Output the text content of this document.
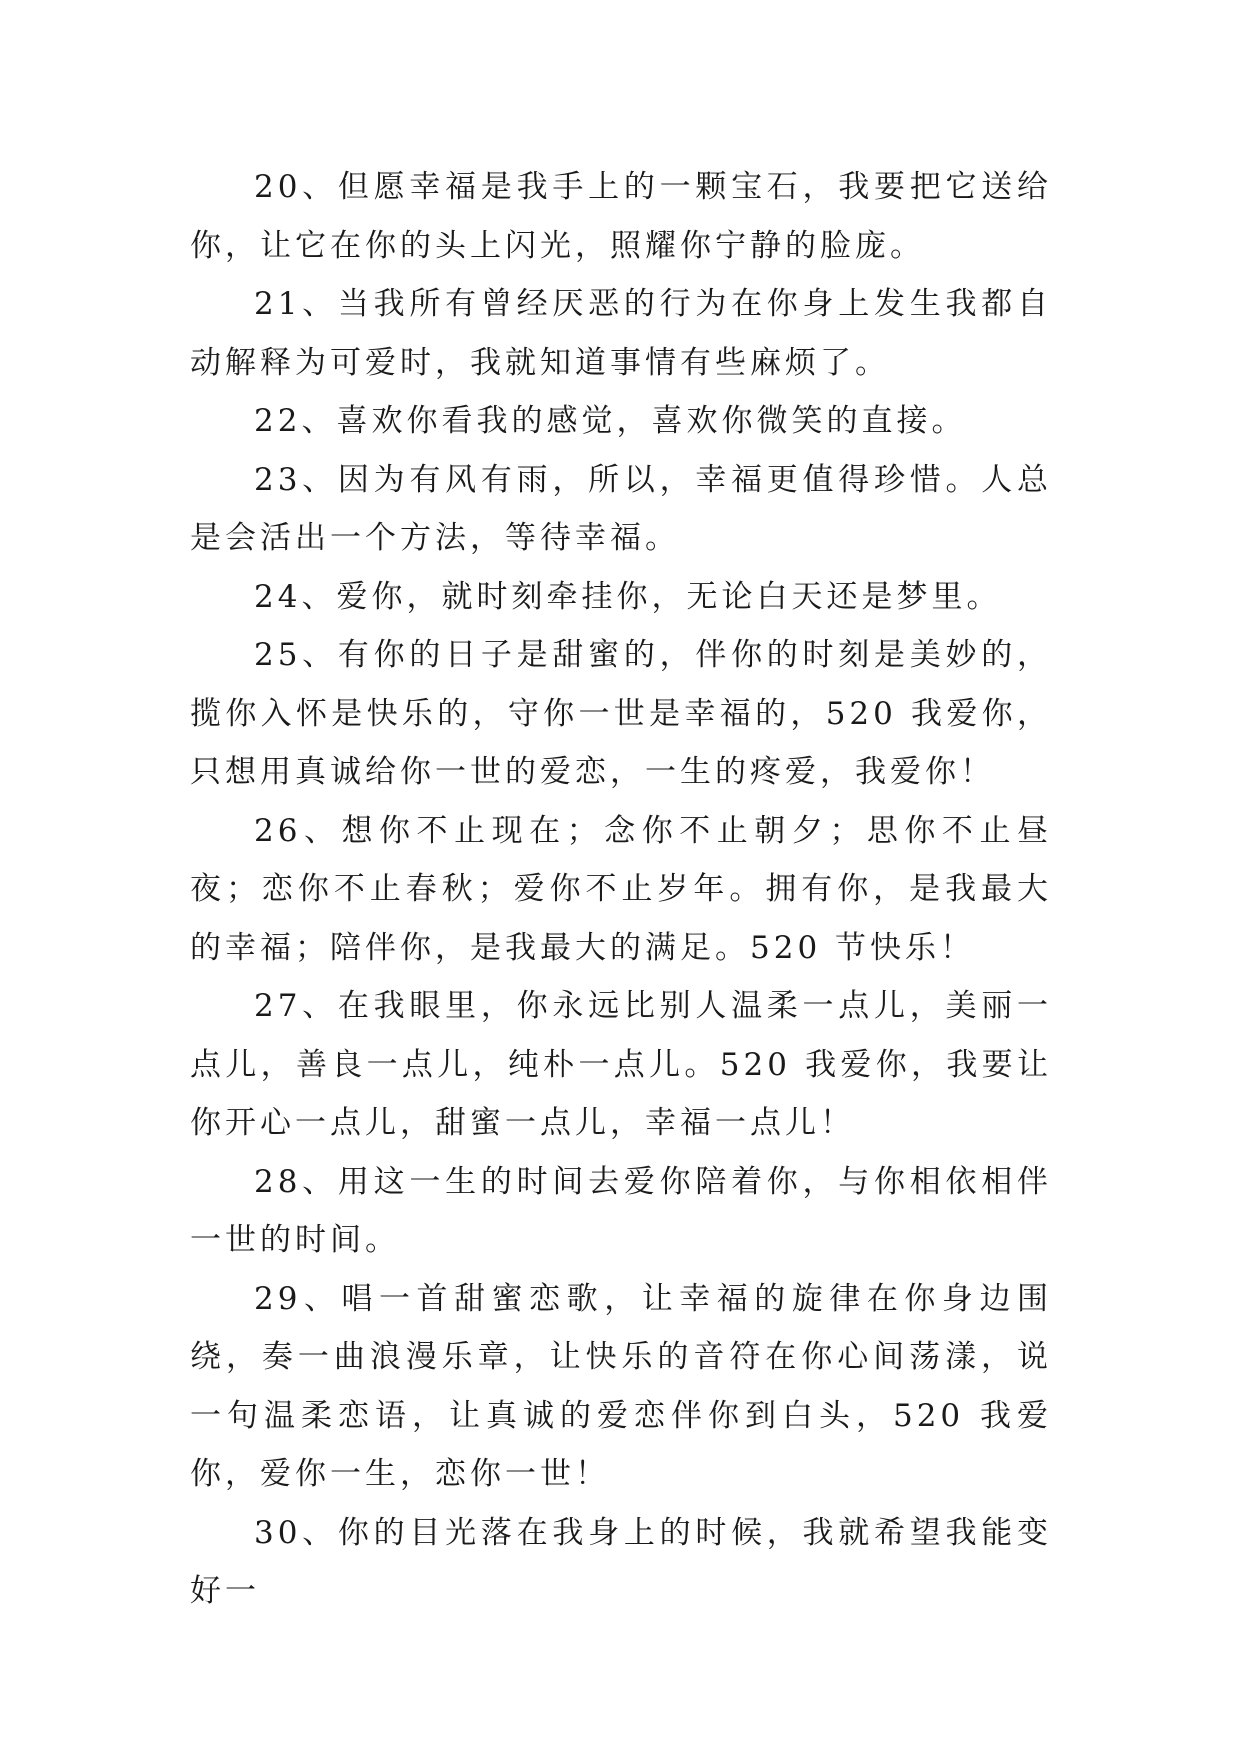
20、但愿幸福是我手上的一颗宝石，我要把它送给你，让它在你的头上闪光，照耀你宁静的脸庞。

21、当我所有曾经厌恶的行为在你身上发生我都自动解释为可爱时，我就知道事情有些麻烦了。

22、喜欢你看我的感觉，喜欢你微笑的直接。

23、因为有风有雨，所以，幸福更值得珍惜。人总是会活出一个方法，等待幸福。

24、爱你，就时刻牵挂你，无论白天还是梦里。

25、有你的日子是甜蜜的，伴你的时刻是美妙的，揽你入怀是快乐的，守你一世是幸福的，520 我爱你，只想用真诚给你一世的爱恋，一生的疼爱，我爱你！

26、想你不止现在；念你不止朝夕；思你不止昼夜；恋你不止春秋；爱你不止岁年。拥有你，是我最大的幸福；陪伴你，是我最大的满足。520 节快乐！

27、在我眼里，你永远比别人温柔一点儿，美丽一点儿，善良一点儿，纯朴一点儿。520 我爱你，我要让你开心一点儿，甜蜜一点儿，幸福一点儿！

28、用这一生的时间去爱你陪着你，与你相依相伴一世的时间。

29、唱一首甜蜜恋歌，让幸福的旋律在你身边围绕，奏一曲浪漫乐章，让快乐的音符在你心间荡漾，说一句温柔恋语，让真诚的爱恋伴你到白头，520 我爱你，爱你一生，恋你一世！

30、你的目光落在我身上的时候，我就希望我能变好一
